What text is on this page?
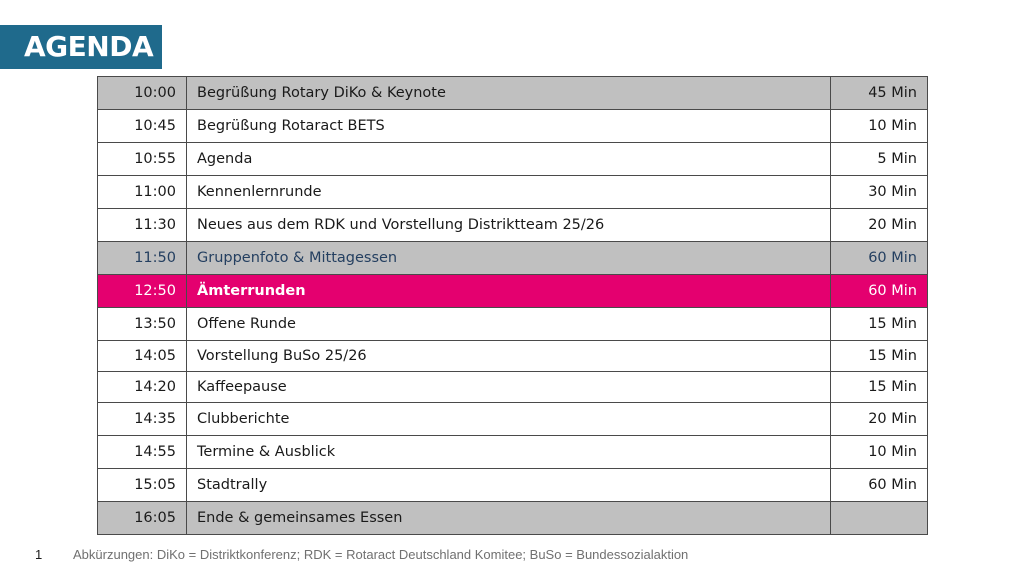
AGENDA
10:00	Begrüßung Rotary DiKo & Keynote	45 Min
10:45	Begrüßung Rotaract BETS	10 Min
10:55	Agenda	5 Min
11:00	Kennenlernrunde	30 Min
11:30	Neues aus dem RDK und Vorstellung Distriktteam 25/26	20 Min
11:50	Gruppenfoto & Mittagessen	60 Min
12:50	Ämterrunden	60 Min
13:50	Offene Runde	15 Min
14:05	Vorstellung BuSo 25/26	15 Min
14:20	Kaffeepause	15 Min
14:35	Clubberichte	20 Min
14:55	Termine & Ausblick	10 Min
15:05	Stadtrally	60 Min
16:05	Ende & gemeinsames Essen	
1 Abkürzungen: DiKo = Distriktkonferenz; RDK = Rotaract Deutschland Komitee; BuSo = Bundessozialaktion
